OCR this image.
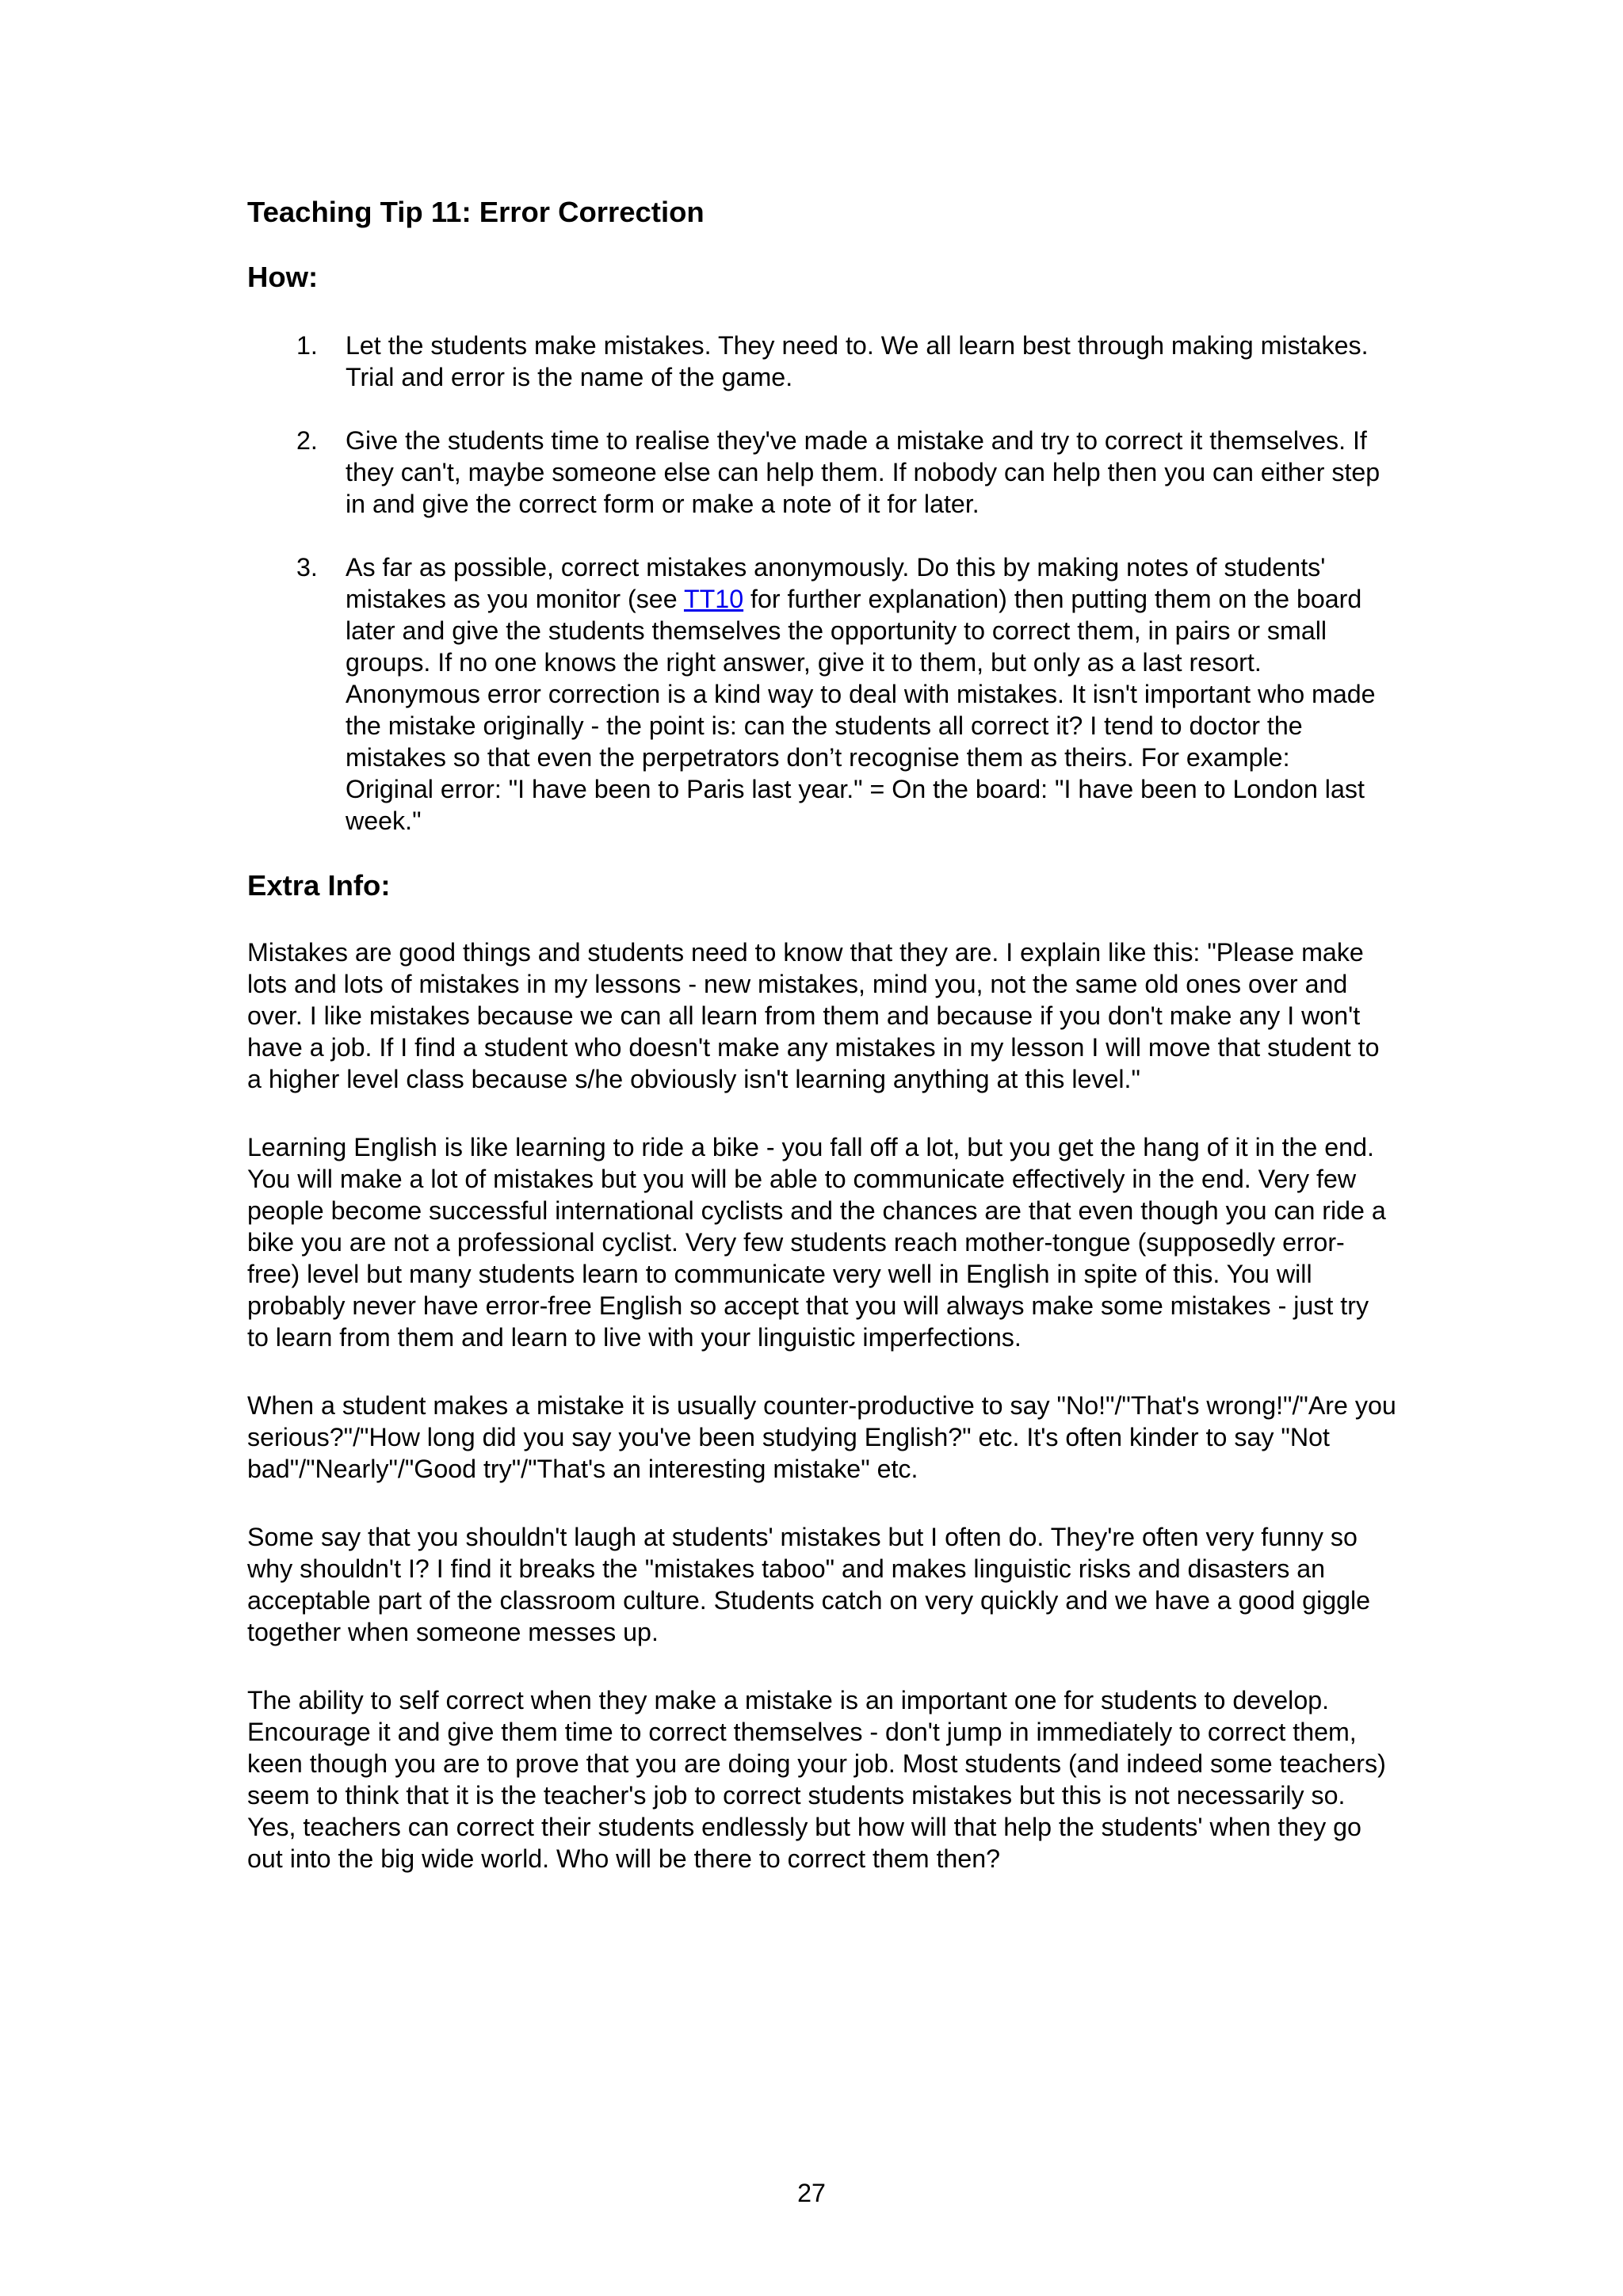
Teaching Tip 11: Error Correction
How:
1. Let the students make mistakes. They need to. We all learn best through making mistakes. Trial and error is the name of the game.
2. Give the students time to realise they've made a mistake and try to correct it themselves. If they can't, maybe someone else can help them. If nobody can help then you can either step in and give the correct form or make a note of it for later.
3. As far as possible, correct mistakes anonymously. Do this by making notes of students' mistakes as you monitor (see TT10 for further explanation) then putting them on the board later and give the students themselves the opportunity to correct them, in pairs or small groups. If no one knows the right answer, give it to them, but only as a last resort. Anonymous error correction is a kind way to deal with mistakes. It isn't important who made the mistake originally - the point is: can the students all correct it? I tend to doctor the mistakes so that even the perpetrators don’t recognise them as theirs. For example:
Original error: "I have been to Paris last year." = On the board: "I have been to London last week."
Extra Info:

Mistakes are good things and students need to know that they are. I explain like this: "Please make lots and lots of mistakes in my lessons - new mistakes, mind you, not the same old ones over and over. I like mistakes because we can all learn from them and because if you don't make any I won't have a job. If I find a student who doesn't make any mistakes in my lesson I will move that student to a higher level class because s/he obviously isn't learning anything at this level."

Learning English is like learning to ride a bike - you fall off a lot, but you get the hang of it in the end. You will make a lot of mistakes but you will be able to communicate effectively in the end. Very few people become successful international cyclists and the chances are that even though you can ride a bike you are not a professional cyclist. Very few students reach mother-tongue (supposedly error-free) level but many students learn to communicate very well in English in spite of this. You will probably never have error-free English so accept that you will always make some mistakes - just try to learn from them and learn to live with your linguistic imperfections.

When a student makes a mistake it is usually counter-productive to say "No!"/"That's wrong!"/"Are you serious?"/"How long did you say you've been studying English?" etc. It's often kinder to say "Not bad"/"Nearly"/"Good try"/"That's an interesting mistake" etc.

Some say that you shouldn't laugh at students' mistakes but I often do. They're often very funny so why shouldn't I? I find it breaks the "mistakes taboo" and makes linguistic risks and disasters an acceptable part of the classroom culture. Students catch on very quickly and we have a good giggle together when someone messes up.

The ability to self correct when they make a mistake is an important one for students to develop. Encourage it and give them time to correct themselves - don't jump in immediately to correct them, keen though you are to prove that you are doing your job. Most students (and indeed some teachers) seem to think that it is the teacher's job to correct students mistakes but this is not necessarily so. Yes, teachers can correct their students endlessly but how will that help the students' when they go out into the big wide world. Who will be there to correct them then?

27
